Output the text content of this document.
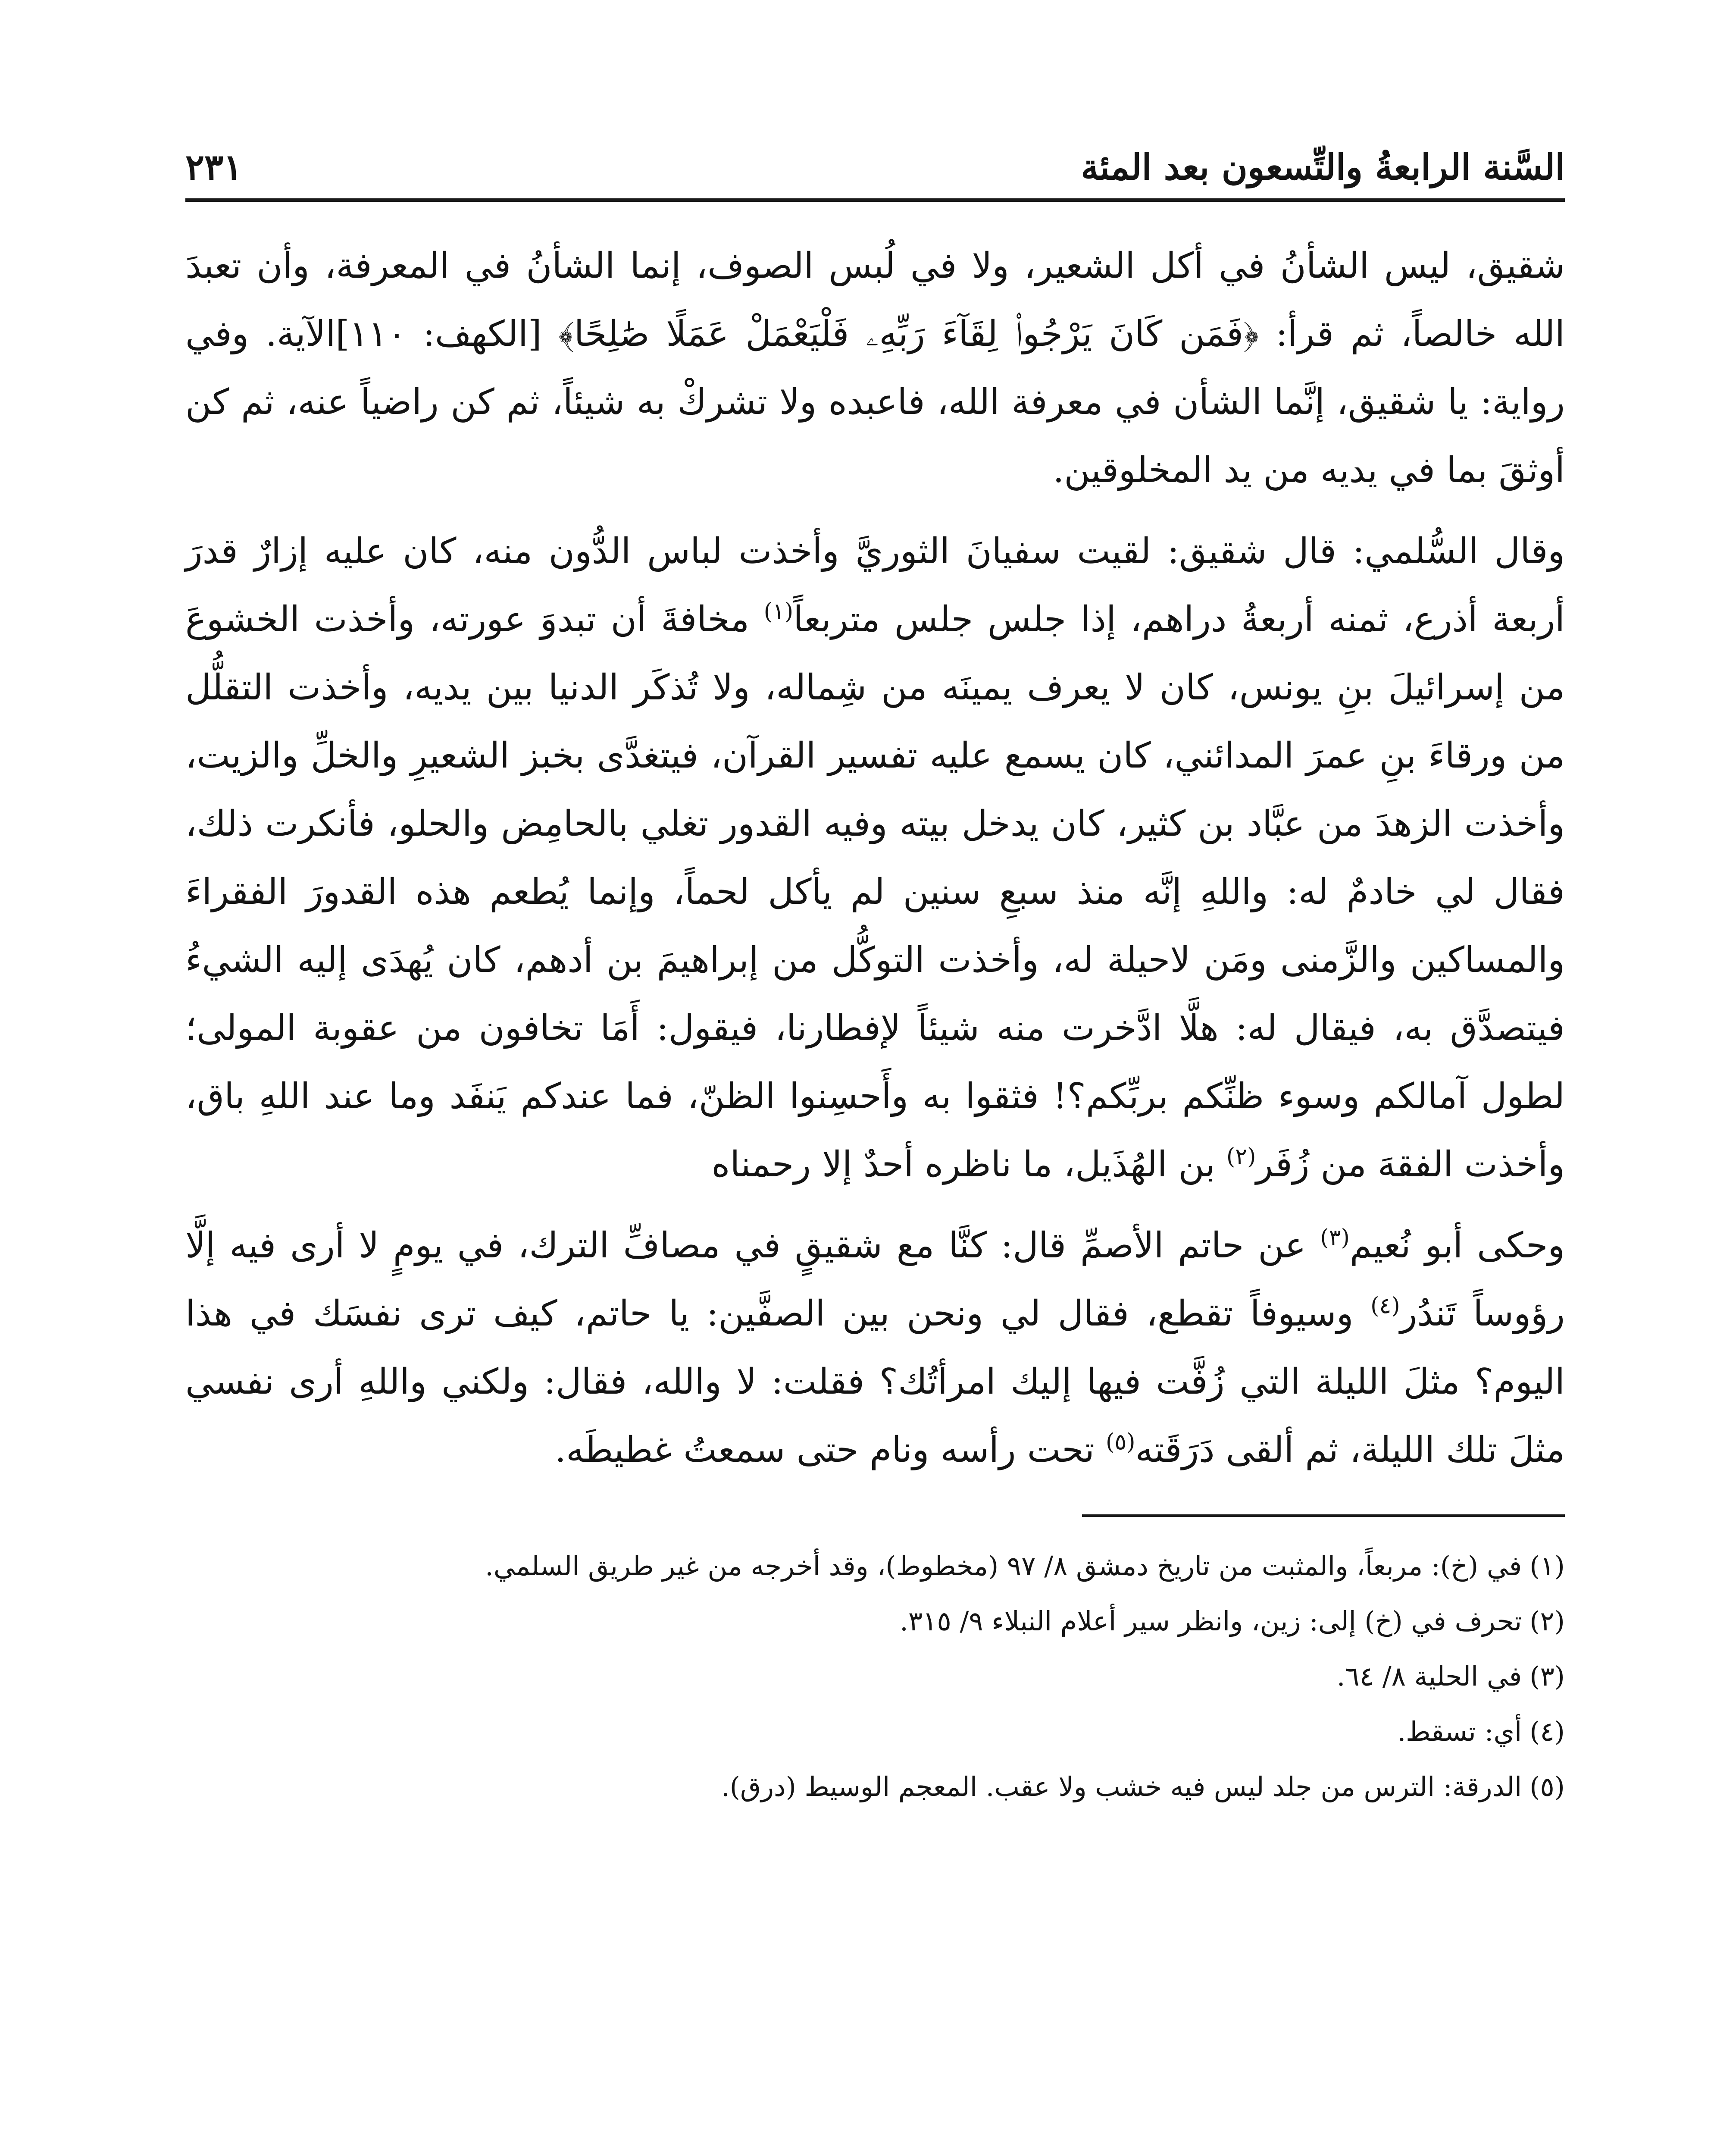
السَّنة الرابعةُ والتِّسعون بعد المئة
٢٣١

شقيق، ليس الشأنُ في أكل الشعير، ولا في لُبس الصوف، إنما الشأنُ في المعرفة، وأن تعبدَ الله خالصاً، ثم قرأ: ﴿فَمَن كَانَ يَرْجُوا۟ لِقَآءَ رَبِّهِۦ فَلْيَعْمَلْ عَمَلًا صَٰلِحًا﴾ [الكهف: ١١٠]الآية. وفي رواية: يا شقيق، إنَّما الشأن في معرفة الله، فاعبده ولا تشركْ به شيئاً، ثم كن راضياً عنه، ثم كن أوثقَ بما في يديه من يد المخلوقين.

وقال السُّلمي: قال شقيق: لقيت سفيانَ الثوريَّ وأخذت لباس الدُّون منه، كان عليه إزارٌ قدرَ أربعة أذرع، ثمنه أربعةُ دراهم، إذا جلس جلس متربعاً$^{(١)}$ مخافةَ أن تبدوَ عورته، وأخذت الخشوعَ من إسرائيلَ بنِ يونس، كان لا يعرف يمينَه من شِماله، ولا تُذكَر الدنيا بين يديه، وأخذت التقلُّل من ورقاءَ بنِ عمرَ المدائني، كان يسمع عليه تفسير القرآن، فيتغدَّى بخبز الشعيرِ والخلِّ والزيت، وأخذت الزهدَ من عبَّاد بن كثير، كان يدخل بيته وفيه القدور تغلي بالحامِض والحلو، فأنكرت ذلك، فقال لي خادمٌ له: واللهِ إنَّه منذ سبعِ سنين لم يأكل لحماً، وإنما يُطعم هذه القدورَ الفقراءَ والمساكين والزَّمنى ومَن لاحيلة له، وأخذت التوكُّل من إبراهيمَ بن أدهم، كان يُهدَى إليه الشيءُ فيتصدَّق به، فيقال له: هلَّا ادَّخرت منه شيئاً لإفطارنا، فيقول: أَمَا تخافون من عقوبة المولى؛ لطول آمالكم وسوء ظنِّكم بربِّكم؟! فثقوا به وأَحسِنوا الظنّ، فما عندكم يَنفَد وما عند اللهِ باق، وأخذت الفقهَ من زُفَر$^{(٢)}$ بن الهُذَيل، ما ناظره أحدٌ إلا رحمناه

وحكى أبو نُعيم$^{(٣)}$ عن حاتم الأصمِّ قال: كنَّا مع شقيقٍ في مصافِّ الترك، في يومٍ لا أرى فيه إلَّا رؤوساً تَندُر$^{(٤)}$ وسيوفاً تقطع، فقال لي ونحن بين الصفَّين: يا حاتم، كيف ترى نفسَك في هذا اليوم؟ مثلَ الليلة التي زُفَّت فيها إليك امرأتُك؟ فقلت: لا والله، فقال: ولكني واللهِ أرى نفسي مثلَ تلك الليلة، ثم ألقى دَرَقَته$^{(٥)}$ تحت رأسه ونام حتى سمعتُ غطيطَه.

(١)في (خ): مربعاً، والمثبت من تاريخ دمشق ٨/ ٩٧ (مخطوط)، وقد أخرجه من غير طريق السلمي.
(٢)تحرف في (خ) إلى: زين، وانظر سير أعلام النبلاء ٩/ ٣١٥.
(٣)في الحلية ٨/ ٦٤.
(٤)أي: تسقط.
(٥)الدرقة: الترس من جلد ليس فيه خشب ولا عقب. المعجم الوسيط (درق).
